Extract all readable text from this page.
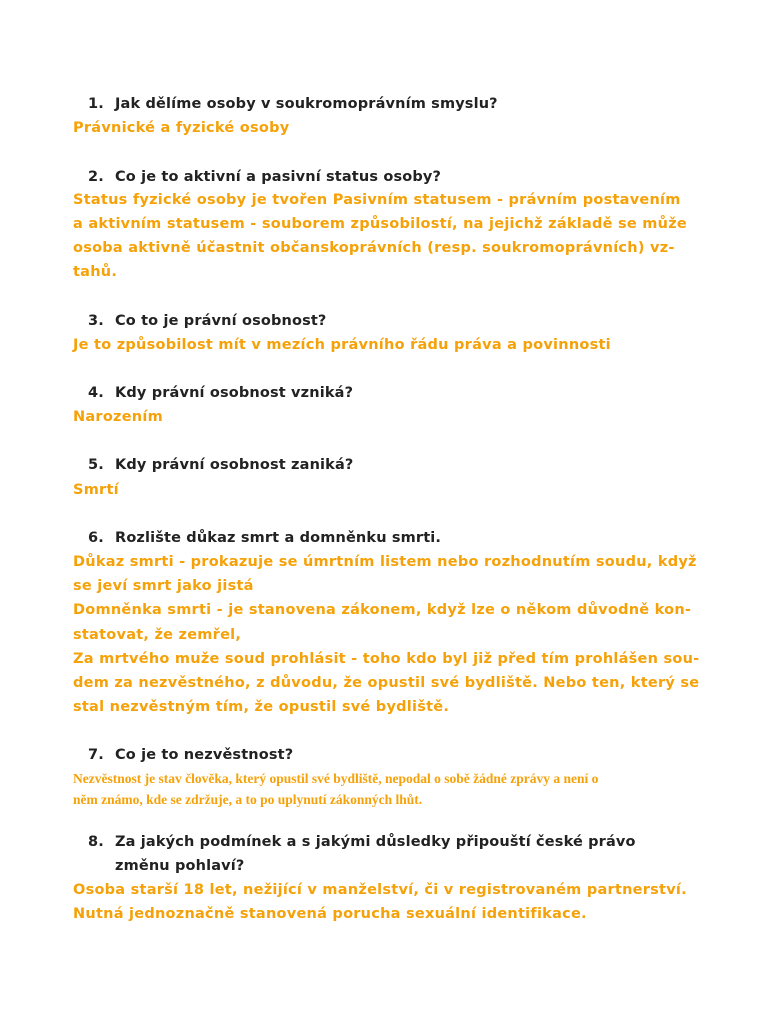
1. Jak dělíme osoby v soukromoprávním smyslu?
Právnické a fyzické osoby
2. Co je to aktivní a pasivní status osoby?
Status fyzické osoby je tvořen Pasivním statusem - právním postavením
a aktivním statusem - souborem způsobilostí, na jejichž základě se může
osoba aktivně účastnit občanskoprávních (resp. soukromoprávních) vz-
tahů.
3. Co to je právní osobnost?
Je to způsobilost mít v mezích právního řádu práva a povinnosti
4. Kdy právní osobnost vzniká?
Narozením
5. Kdy právní osobnost zaniká?
Smrtí
6. Rozlište důkaz smrt a domněnku smrti.
Důkaz smrti - prokazuje se úmrtním listem nebo rozhodnutím soudu, když
se jeví smrt jako jistá
Domněnka smrti - je stanovena zákonem, když lze o někom důvodně kon-
statovat, že zemřel,
Za mrtvého muže soud prohlásit - toho kdo byl již před tím prohlášen sou-
dem za nezvěstného, z důvodu, že opustil své bydliště. Nebo ten, který se
stal nezvěstným tím, že opustil své bydliště.
7. Co je to nezvěstnost?
Nezvěstnost je stav člověka, který opustil své bydliště, nepodal o sobě žádné zprávy a není o
něm známo, kde se zdržuje, a to po uplynutí zákonných lhůt.
8. Za jakých podmínek a s jakými důsledky připouští české právo
změnu pohlaví?
Osoba starší 18 let, nežijící v manželství, či v registrovaném partnerství.
Nutná jednoznačně stanovená porucha sexuální identifikace.
